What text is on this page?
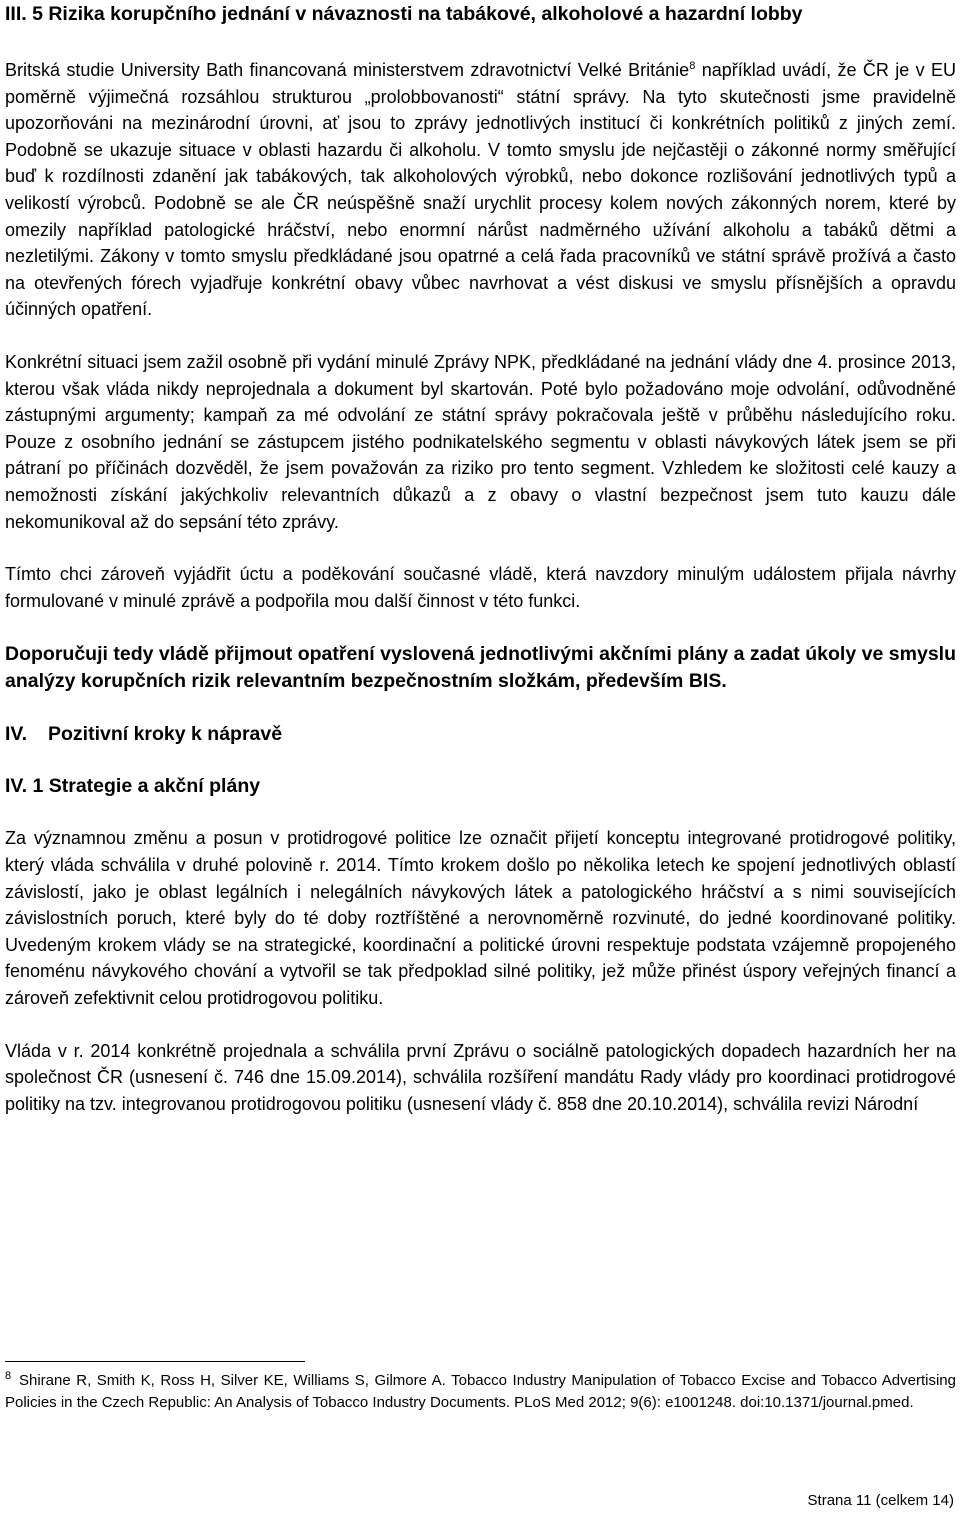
III. 5 Rizika korupčního jednání v návaznosti na tabákové, alkoholové a hazardní lobby

Britská studie University Bath financovaná ministerstvem zdravotnictví Velké Británie$^8$ například uvádí, že ČR je v EU poměrně výjimečná rozsáhlou strukturou „prolobbovanosti“ státní správy. Na tyto skutečnosti jsme pravidelně upozorňováni na mezinárodní úrovni, ať jsou to zprávy jednotlivých institucí či konkrétních politiků z jiných zemí. Podobně se ukazuje situace v oblasti hazardu či alkoholu. V tomto smyslu jde nejčastěji o zákonné normy směřující buď k rozdílnosti zdanění jak tabákových, tak alkoholových výrobků, nebo dokonce rozlišování jednotlivých typů a velikostí výrobců. Podobně se ale ČR neúspěšně snaží urychlit procesy kolem nových zákonných norem, které by omezily například patologické hráčství, nebo enormní nárůst nadměrného užívání alkoholu a tabáků dětmi a nezletilými. Zákony v tomto smyslu předkládané jsou opatrné a celá řada pracovníků ve státní správě prožívá a často na otevřených fórech vyjadřuje konkrétní obavy vůbec navrhovat a vést diskusi ve smyslu přísnějších a opravdu účinných opatření.

Konkrétní situaci jsem zažil osobně při vydání minulé Zprávy NPK, předkládané na jednání vlády dne 4. prosince 2013, kterou však vláda nikdy neprojednala a dokument byl skartován. Poté bylo požadováno moje odvolání, odůvodněné zástupnými argumenty; kampaň za mé odvolání ze státní správy pokračovala ještě v průběhu následujícího roku. Pouze z osobního jednání se zástupcem jistého podnikatelského segmentu v oblasti návykových látek jsem se při pátraní po příčinách dozvěděl, že jsem považován za riziko pro tento segment. Vzhledem ke složitosti celé kauzy a nemožnosti získání jakýchkoliv relevantních důkazů a z obavy o vlastní bezpečnost jsem tuto kauzu dále nekomunikoval až do sepsání této zprávy.

Tímto chci zároveň vyjádřit úctu a poděkování současné vládě, která navzdory minulým událostem přijala návrhy formulované v minulé zprávě a podpořila mou další činnost v této funkci.

Doporučuji tedy vládě přijmout opatření vyslovená jednotlivými akčními plány a zadat úkoly ve smyslu analýzy korupčních rizik relevantním bezpečnostním složkám, především BIS.

IV. Pozitivní kroky k nápravě
IV. 1 Strategie a akční plány

Za významnou změnu a posun v protidrogové politice lze označit přijetí konceptu integrované protidrogové politiky, který vláda schválila v druhé polovině r. 2014. Tímto krokem došlo po několika letech ke spojení jednotlivých oblastí závislostí, jako je oblast legálních i nelegálních návykových látek a patologického hráčství a s nimi souvisejících závislostních poruch, které byly do té doby roztříštěné a nerovnoměrně rozvinuté, do jedné koordinované politiky. Uvedeným krokem vlády se na strategické, koordinační a politické úrovni respektuje podstata vzájemně propojeného fenoménu návykového chování a vytvořil se tak předpoklad silné politiky, jež může přinést úspory veřejných financí a zároveň zefektivnit celou protidrogovou politiku.

Vláda v r. 2014 konkrétně projednala a schválila první Zprávu o sociálně patologických dopadech hazardních her na společnost ČR (usnesení č. 746 dne 15.09.2014), schválila rozšíření mandátu Rady vlády pro koordinaci protidrogové politiky na tzv. integrovanou protidrogovou politiku (usnesení vlády č. 858 dne 20.10.2014), schválila revizi Národní

8 Shirane R, Smith K, Ross H, Silver KE, Williams S, Gilmore A. Tobacco Industry Manipulation of Tobacco Excise and Tobacco Advertising Policies in the Czech Republic: An Analysis of Tobacco Industry Documents. PLoS Med 2012; 9(6): e1001248. doi:10.1371/journal.pmed.

Strana 11 (celkem 14)
